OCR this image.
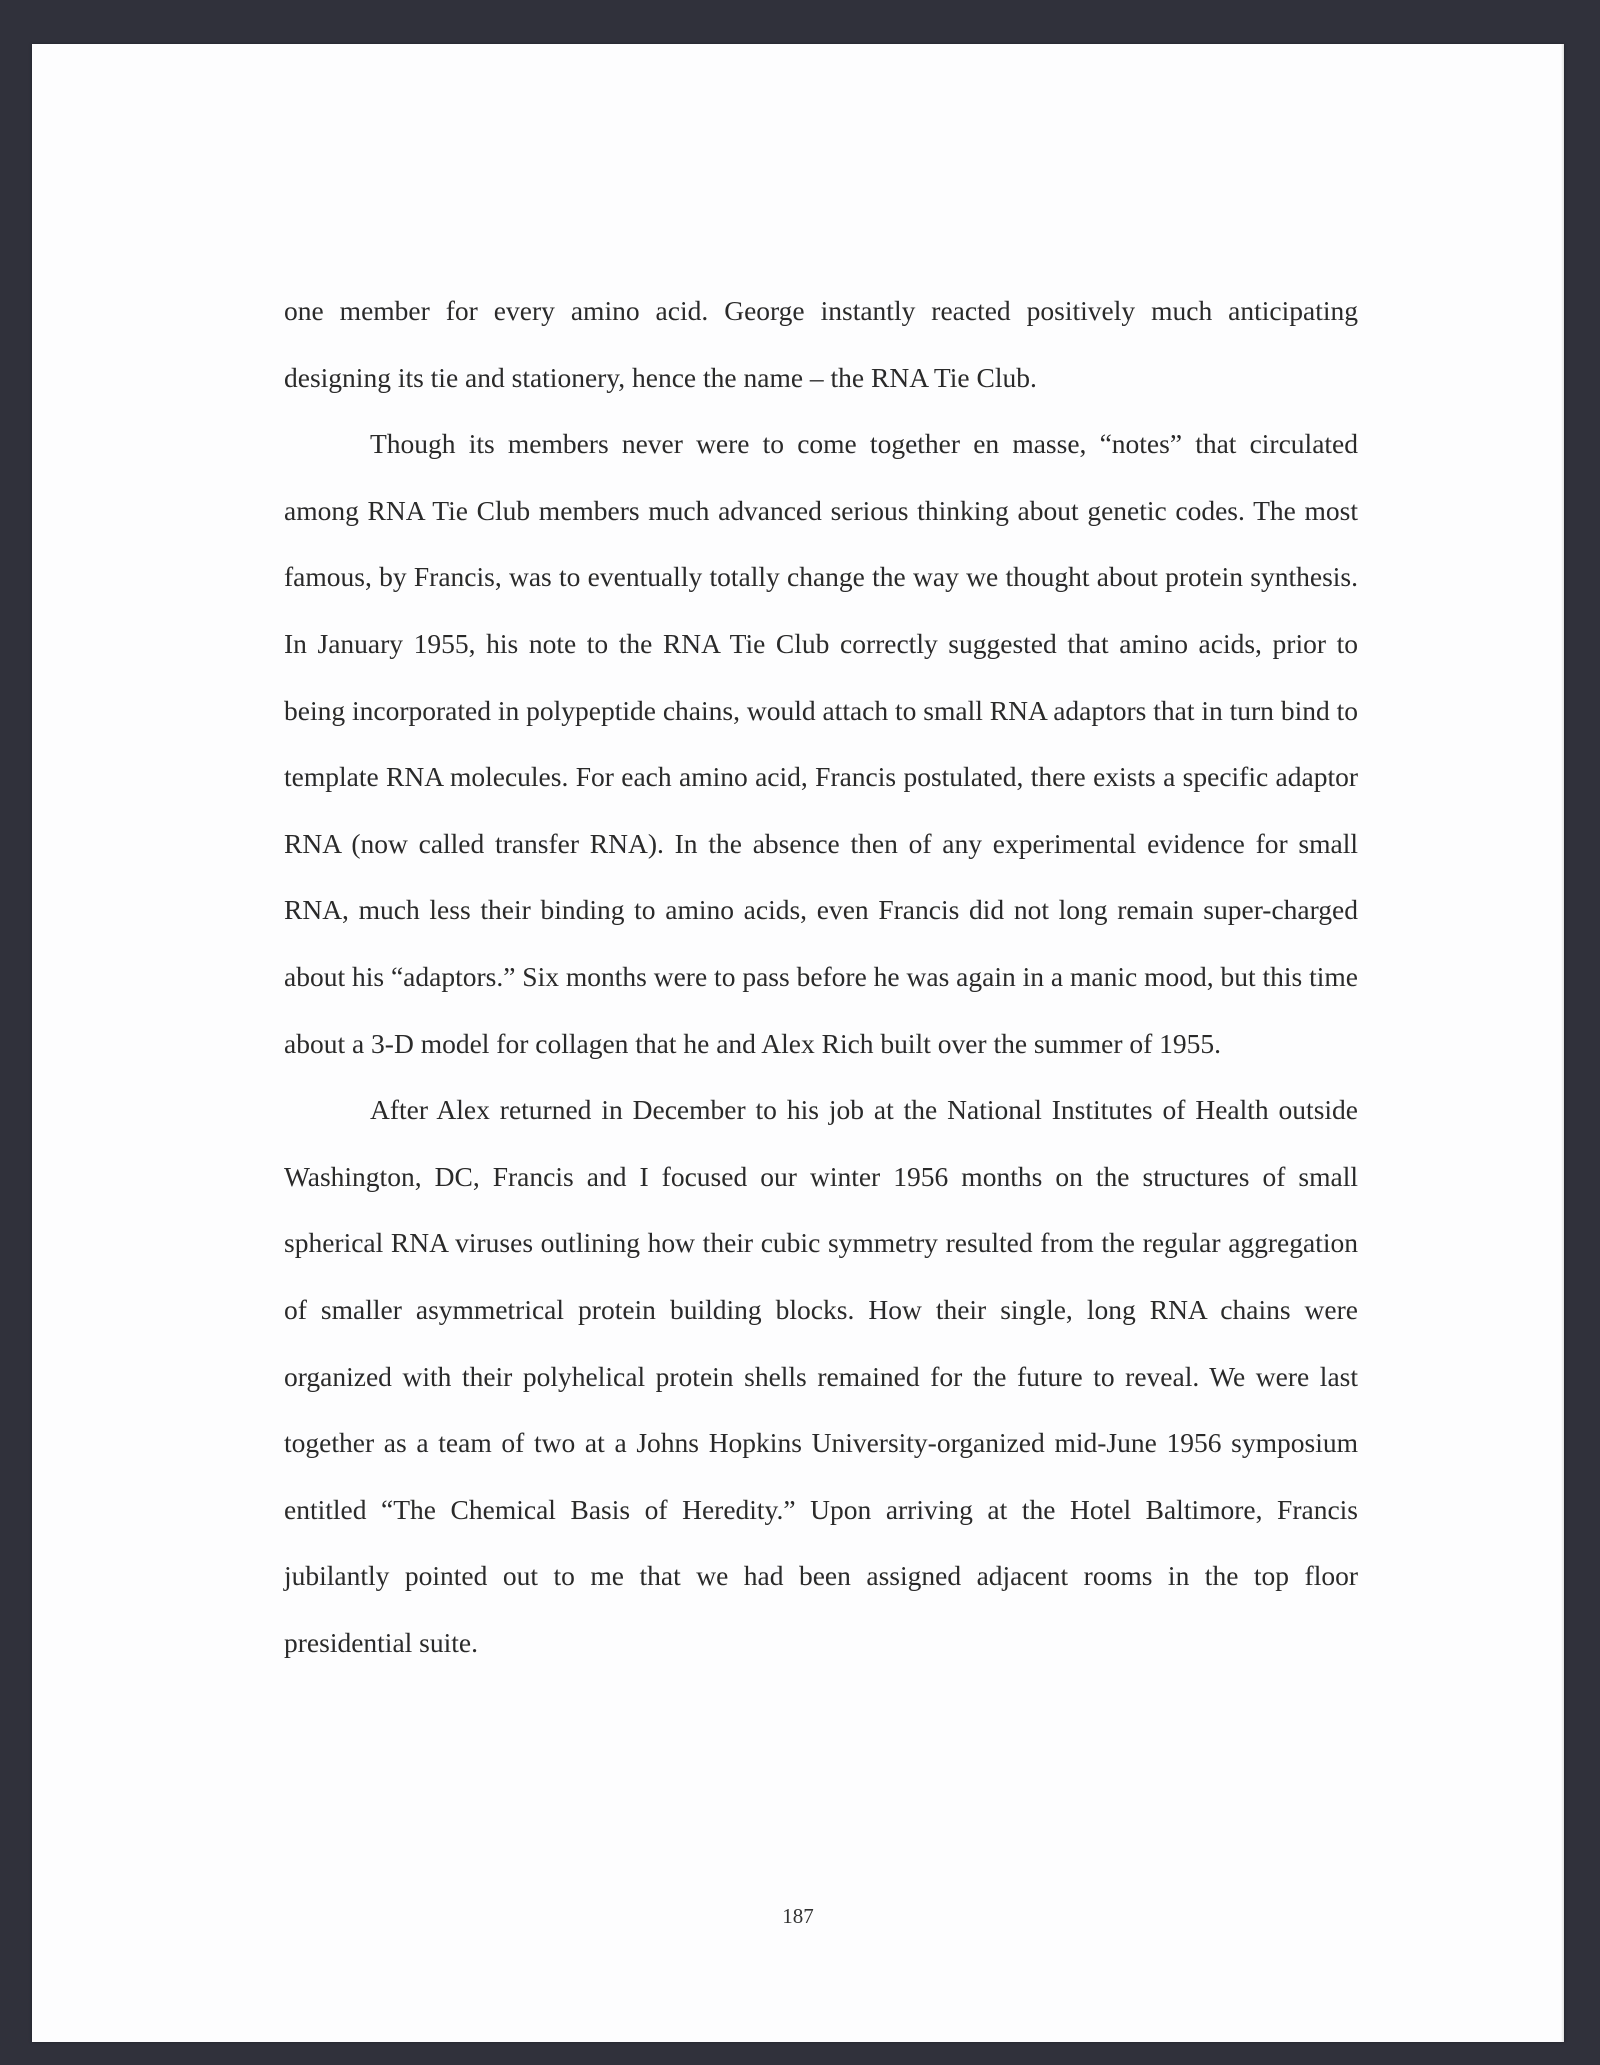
one member for every amino acid. George instantly reacted positively much anticipating designing its tie and stationery, hence the name – the RNA Tie Club.

Though its members never were to come together en masse, “notes” that circulated among RNA Tie Club members much advanced serious thinking about genetic codes. The most famous, by Francis, was to eventually totally change the way we thought about protein synthesis. In January 1955, his note to the RNA Tie Club correctly suggested that amino acids, prior to being incorporated in polypeptide chains, would attach to small RNA adaptors that in turn bind to template RNA molecules. For each amino acid, Francis postulated, there exists a specific adaptor RNA (now called transfer RNA). In the absence then of any experimental evidence for small RNA, much less their binding to amino acids, even Francis did not long remain super-charged about his “adaptors.” Six months were to pass before he was again in a manic mood, but this time about a 3-D model for collagen that he and Alex Rich built over the summer of 1955.

After Alex returned in December to his job at the National Institutes of Health outside Washington, DC, Francis and I focused our winter 1956 months on the structures of small spherical RNA viruses outlining how their cubic symmetry resulted from the regular aggregation of smaller asymmetrical protein building blocks. How their single, long RNA chains were organized with their polyhelical protein shells remained for the future to reveal. We were last together as a team of two at a Johns Hopkins University-organized mid-June 1956 symposium entitled “The Chemical Basis of Heredity.” Upon arriving at the Hotel Baltimore, Francis jubilantly pointed out to me that we had been assigned adjacent rooms in the top floor presidential suite.

187
